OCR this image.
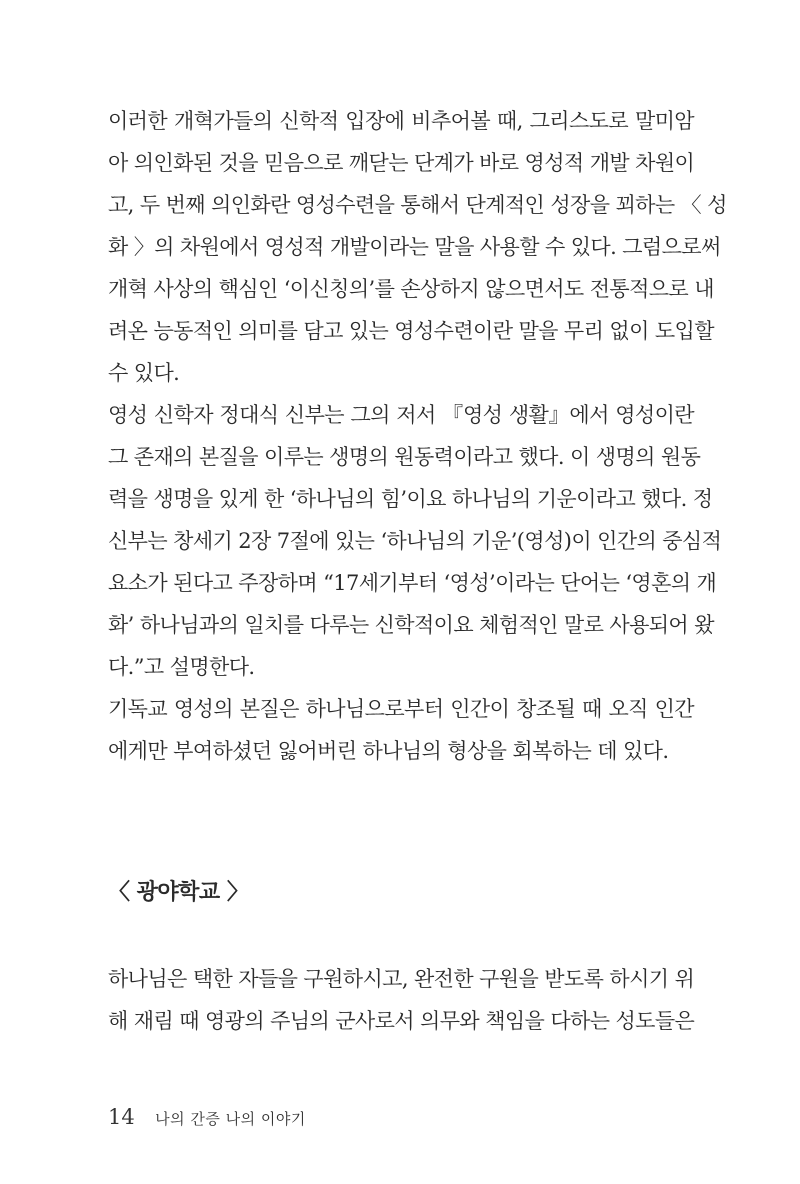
이러한 개혁가들의 신학적 입장에 비추어볼 때, 그리스도로 말미암
아 의인화된 것을 믿음으로 깨닫는 단계가 바로 영성적 개발 차원이
고, 두 번째 의인화란 영성수련을 통해서 단계적인 성장을 꾀하는 〈 성
화 〉의 차원에서 영성적 개발이라는 말을 사용할 수 있다. 그럼으로써
개혁 사상의 핵심인 ‘이신칭의’를 손상하지 않으면서도 전통적으로 내
려온 능동적인 의미를 담고 있는 영성수련이란 말을 무리 없이 도입할
수 있다.
영성 신학자 정대식 신부는 그의 저서 『영성 생활』에서 영성이란
그 존재의 본질을 이루는 생명의 원동력이라고 했다. 이 생명의 원동
력을 생명을 있게 한 ‘하나님의 힘’이요 하나님의 기운이라고 했다. 정
신부는 창세기 2장 7절에 있는 ‘하나님의 기운’(영성)이 인간의 중심적
요소가 된다고 주장하며 “17세기부터 ‘영성’이라는 단어는 ‘영혼의 개
화’ 하나님과의 일치를 다루는 신학적이요 체험적인 말로 사용되어 왔
다.”고 설명한다.
기독교 영성의 본질은 하나님으로부터 인간이 창조될 때 오직 인간
에게만 부여하셨던 잃어버린 하나님의 형상을 회복하는 데 있다.
〈 광야학교 〉
하나님은 택한 자들을 구원하시고, 완전한 구원을 받도록 하시기 위
해 재림 때 영광의 주님의 군사로서 의무와 책임을 다하는 성도들은
14 나의 간증 나의 이야기
